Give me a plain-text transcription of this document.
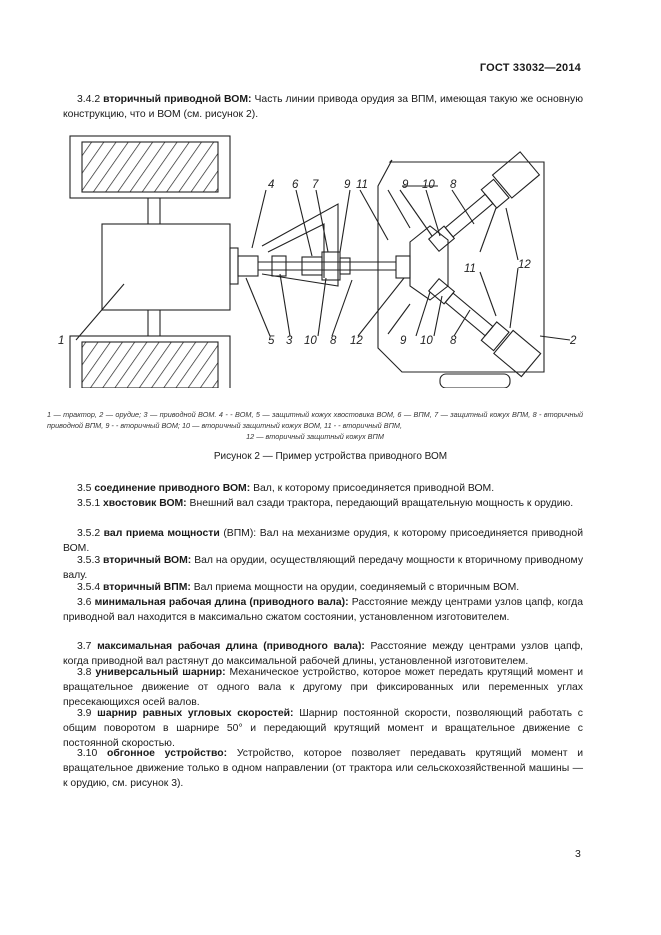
ГОСТ 33032—2014
3.4.2 вторичный приводной ВОМ: Часть линии привода орудия за ВПМ, имеющая такую же основную конструкцию, что и ВОМ (см. рисунок 2).
4 6 7 9 11	9 10 8
1	5 3 10 8 12	9 10 8	2
11	12
1 — трактор, 2 — орудие; 3 — приводной ВОМ. 4 - - ВОМ, 5 — защитный кожух хвостовика ВОМ, 6 — ВПМ, 7 — защитный кожух ВПМ, 8 - вторичный приводной ВПМ, 9 - - вторичный ВОМ; 10 — вторичный защитный кожух ВОМ, 11 - - вторичный ВПМ,
12 — вторичный защитный кожух ВПМ
Рисунок 2 — Пример устройства приводного ВОМ
3.5 соединение приводного ВОМ: Вал, к которому присоединяется приводной ВОМ.
3.5.1 хвостовик ВОМ: Внешний вал сзади трактора, передающий вращательную мощность к орудию.
3.5.2 вал приема мощности (ВПМ): Вал на механизме орудия, к которому присоединяется приводной ВОМ.
3.5.3 вторичный ВОМ: Вал на орудии, осуществляющий передачу мощности к вторичному приводному валу.
3.5.4 вторичный ВПМ: Вал приема мощности на орудии, соединяемый с вторичным ВОМ.
3.6 минимальная рабочая длина (приводного вала): Расстояние между центрами узлов цапф, когда приводной вал находится в максимально сжатом состоянии, установленном изготовителем.
3.7 максимальная рабочая длина (приводного вала): Расстояние между центрами узлов цапф, когда приводной вал растянут до максимальной рабочей длины, установленной изготовителем.
3.8 универсальный шарнир: Механическое устройство, которое может передать крутящий момент и вращательное движение от одного вала к другому при фиксированных или переменных углах пресекающихся осей валов.
3.9 шарнир равных угловых скоростей: Шарнир постоянной скорости, позволяющий работать с общим поворотом в шарнире 50° и передающий крутящий момент и вращательное движение с постоянной скоростью.
3.10 обгонное устройство: Устройство, которое позволяет передавать крутящий момент и вращательное движение только в одном направлении (от трактора или сельскохозяйственной машины — к орудию, см. рисунок 3).
3
